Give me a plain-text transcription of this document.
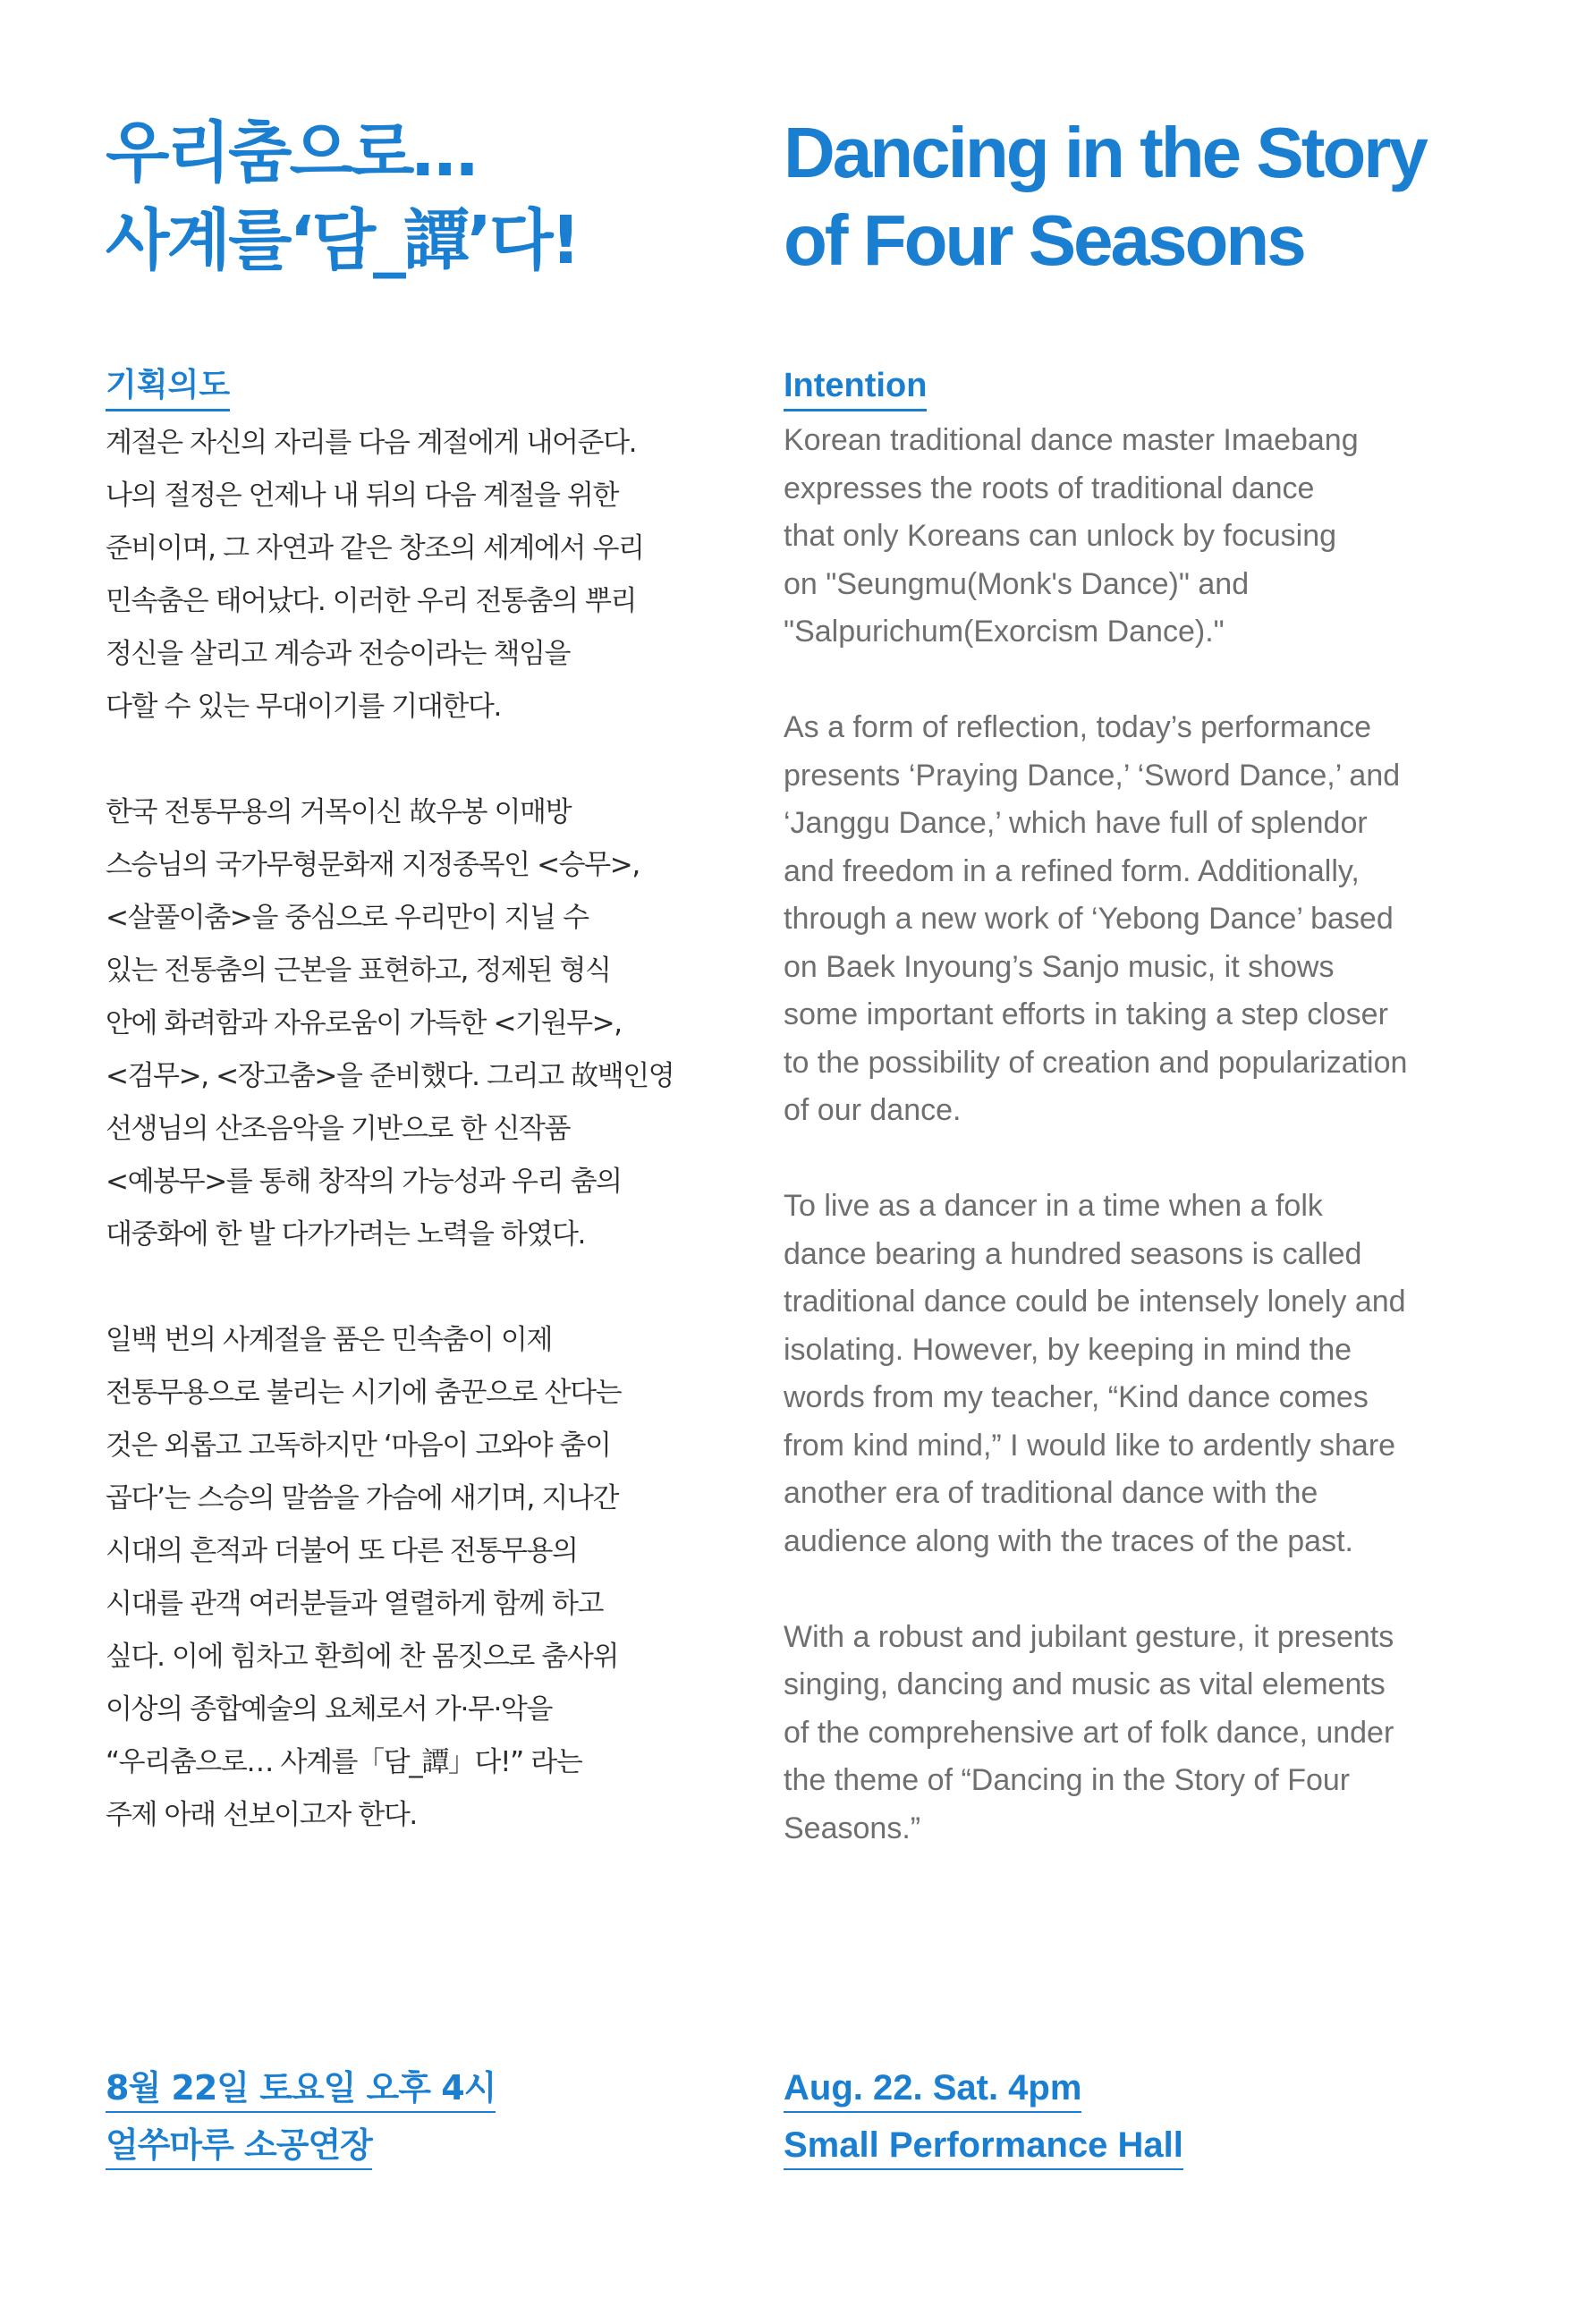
우리춤으로…
사계를‘담_譚’다!
기획의도

계절은 자신의 자리를 다음 계절에게 내어준다.
나의 절정은 언제나 내 뒤의 다음 계절을 위한
준비이며, 그 자연과 같은 창조의 세계에서 우리
민속춤은 태어났다. 이러한 우리 전통춤의 뿌리
정신을 살리고 계승과 전승이라는 책임을
다할 수 있는 무대이기를 기대한다.

한국 전통무용의 거목이신 故우봉 이매방
스승님의 국가무형문화재 지정종목인 <승무>,
<살풀이춤>을 중심으로 우리만이 지닐 수
있는 전통춤의 근본을 표현하고, 정제된 형식
안에 화려함과 자유로움이 가득한 <기원무>,
<검무>, <장고춤>을 준비했다. 그리고 故백인영
선생님의 산조음악을 기반으로 한 신작품
<예봉무>를 통해 창작의 가능성과 우리 춤의
대중화에 한 발 다가가려는 노력을 하였다.

일백 번의 사계절을 품은 민속춤이 이제
전통무용으로 불리는 시기에 춤꾼으로 산다는
것은 외롭고 고독하지만 ‘마음이 고와야 춤이
곱다’는 스승의 말씀을 가슴에 새기며, 지나간
시대의 흔적과 더불어 또 다른 전통무용의
시대를 관객 여러분들과 열렬하게 함께 하고
싶다. 이에 힘차고 환희에 찬 몸짓으로 춤사위
이상의 종합예술의 요체로서 가·무·악을
“우리춤으로… 사계를「담_譚」다!” 라는
주제 아래 선보이고자 한다.

8월 22일 토요일 오후 4시
얼쑤마루 소공연장
Dancing in the Story
of Four Seasons
Intention

Korean traditional dance master Imaebang
expresses the roots of traditional dance
that only Koreans can unlock by focusing
on "Seungmu(Monk's Dance)" and
"Salpurichum(Exorcism Dance)."

As a form of reflection, today’s performance
presents ‘Praying Dance,’ ‘Sword Dance,’ and
‘Janggu Dance,’ which have full of splendor
and freedom in a refined form. Additionally,
through a new work of ‘Yebong Dance’ based
on Baek Inyoung’s Sanjo music, it shows
some important efforts in taking a step closer
to the possibility of creation and popularization
of our dance.

To live as a dancer in a time when a folk
dance bearing a hundred seasons is called
traditional dance could be intensely lonely and
isolating. However, by keeping in mind the
words from my teacher, “Kind dance comes
from kind mind,” I would like to ardently share
another era of traditional dance with the
audience along with the traces of the past.

With a robust and jubilant gesture, it presents
singing, dancing and music as vital elements
of the comprehensive art of folk dance, under
the theme of “Dancing in the Story of Four
Seasons.”

Aug. 22. Sat. 4pm
Small Performance Hall
